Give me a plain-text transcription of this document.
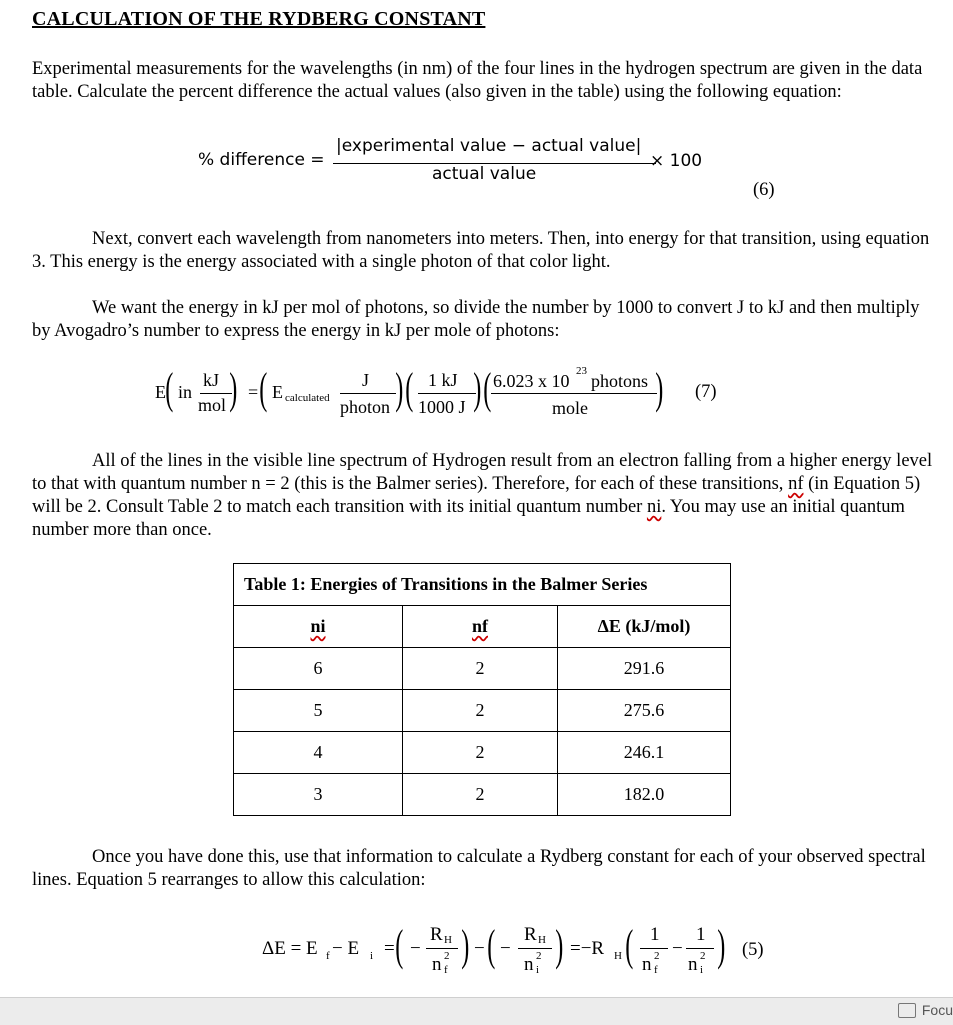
CALCULATION OF THE RYDBERG CONSTANT
Experimental measurements for the wavelengths (in nm) of the four lines in the hydrogen spectrum are given in the data table. Calculate the percent difference the actual values (also given in the table) using the following equation:
% difference =
|experimental value − actual value|
actual value
× 100
(6)
Next, convert each wavelength from nanometers into meters. Then, into energy for that transition, using equation 3. This energy is the energy associated with a single photon of that color light.
We want the energy in kJ per mol of photons, so divide the number by 1000 to convert J to kJ and then multiply by Avogadro’s number to express the energy in kJ per mole of photons:
E ( in
kJ
mol ) = ( E calculated
J
photon ) ( 1 kJ
1000 J ) ( 6.023 x 10 23 photons
mole ) (7)
All of the lines in the visible line spectrum of Hydrogen result from an electron falling from a higher energy level to that with quantum number n = 2 (this is the Balmer series). Therefore, for each of these transitions, nf (in Equation 5) will be 2. Consult Table 2 to match each transition with its initial quantum number ni. You may use an initial quantum number more than once.
Table 1: Energies of Transitions in the Balmer Series		
ni	nf	ΔE (kJ/mol)
6	2	291.6
5	2	275.6
4	2	246.1
3	2	182.0
Once you have done this, use that information to calculate a Rydberg constant for each of your observed spectral lines. Equation 5 rearranges to allow this calculation:
ΔE = E f − E i = ( −
R H
n 2
f ) − ( −
R H
n 2
i ) =−R H ( 1
n 2
f
−
1
n 2
i ) (5)
Focu
